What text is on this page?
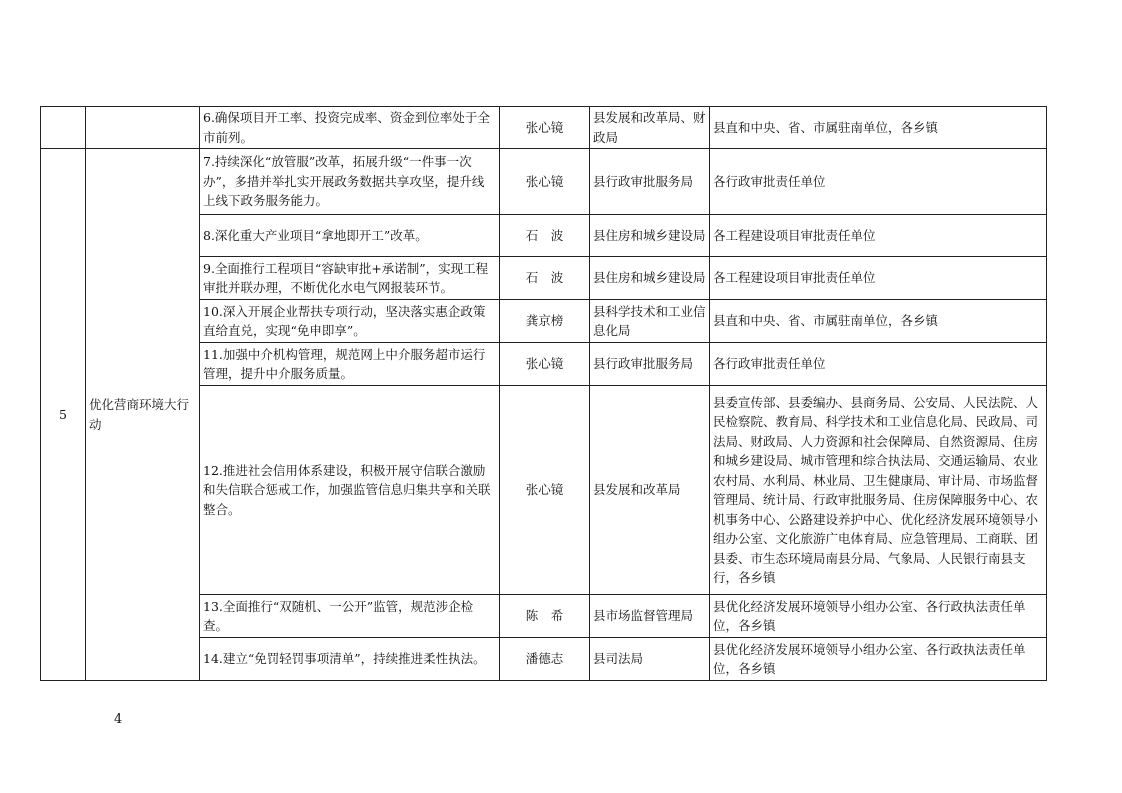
		6.确保项目开工率、投资完成率、资金到位率处于全市前列。	张心镜	县发展和改革局、财政局	县直和中央、省、市属驻南单位，各乡镇
5	优化营商环境大行动	7.持续深化“放管服”改革，拓展升级“一件事一次办”，多措并举扎实开展政务数据共享攻坚，提升线上线下政务服务能力。	张心镜	县行政审批服务局	各行政审批责任单位
		8.深化重大产业项目“拿地即开工”改革。	石　波	县住房和城乡建设局	各工程建设项目审批责任单位
		9.全面推行工程项目“容缺审批+承诺制”，实现工程审批并联办理，不断优化水电气网报装环节。	石　波	县住房和城乡建设局	各工程建设项目审批责任单位
		10.深入开展企业帮扶专项行动，坚决落实惠企政策直给直兑，实现“免申即享”。	龚京榜	县科学技术和工业信息化局	县直和中央、省、市属驻南单位，各乡镇
		11.加强中介机构管理，规范网上中介服务超市运行管理，提升中介服务质量。	张心镜	县行政审批服务局	各行政审批责任单位
		12.推进社会信用体系建设，积极开展守信联合激励和失信联合惩戒工作，加强监管信息归集共享和关联整合。	张心镜	县发展和改革局	县委宣传部、县委编办、县商务局、公安局、人民法院、人民检察院、教育局、科学技术和工业信息化局、民政局、司法局、财政局、人力资源和社会保障局、自然资源局、住房和城乡建设局、城市管理和综合执法局、交通运输局、农业农村局、水利局、林业局、卫生健康局、审计局、市场监督管理局、统计局、行政审批服务局、住房保障服务中心、农机事务中心、公路建设养护中心、优化经济发展环境领导小组办公室、文化旅游广电体育局、应急管理局、工商联、团县委、市生态环境局南县分局、气象局、人民银行南县支行，各乡镇
		13.全面推行“双随机、一公开”监管，规范涉企检查。	陈　希	县市场监督管理局	县优化经济发展环境领导小组办公室、各行政执法责任单位，各乡镇
		14.建立“免罚轻罚事项清单”，持续推进柔性执法。	潘德志	县司法局	县优化经济发展环境领导小组办公室、各行政执法责任单位，各乡镇
4
